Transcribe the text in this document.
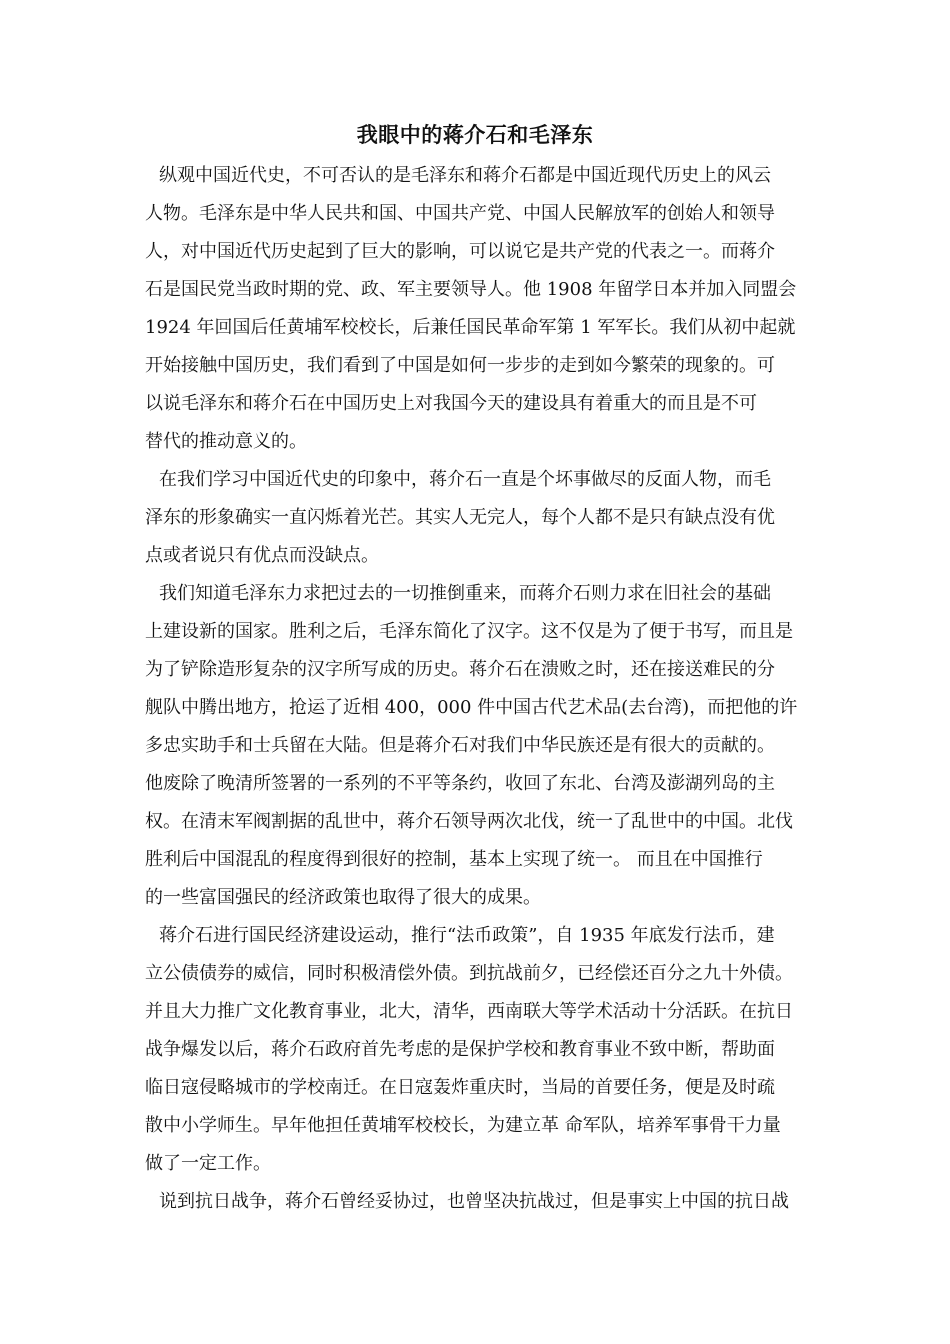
我眼中的蒋介石和毛泽东
纵观中国近代史，不可否认的是毛泽东和蒋介石都是中国近现代历史上的风云
人物。毛泽东是中华人民共和国、中国共产党、中国人民解放军的创始人和领导
人，对中国近代历史起到了巨大的影响，可以说它是共产党的代表之一。而蒋介
石是国民党当政时期的党、政、军主要领导人。他 1908 年留学日本并加入同盟会
1924 年回国后任黄埔军校校长，后兼任国民革命军第 1 军军长。我们从初中起就
开始接触中国历史，我们看到了中国是如何一步步的走到如今繁荣的现象的。可
以说毛泽东和蒋介石在中国历史上对我国今天的建设具有着重大的而且是不可
替代的推动意义的。
在我们学习中国近代史的印象中，蒋介石一直是个坏事做尽的反面人物，而毛
泽东的形象确实一直闪烁着光芒。其实人无完人，每个人都不是只有缺点没有优
点或者说只有优点而没缺点。
我们知道毛泽东力求把过去的一切推倒重来，而蒋介石则力求在旧社会的基础
上建设新的国家。胜利之后，毛泽东简化了汉字。这不仅是为了便于书写，而且是
为了铲除造形复杂的汉字所写成的历史。蒋介石在溃败之时，还在接送难民的分
舰队中腾出地方，抢运了近相 400，000 件中国古代艺术品(去台湾)，而把他的许
多忠实助手和士兵留在大陆。但是蒋介石对我们中华民族还是有很大的贡献的。
他废除了晚清所签署的一系列的不平等条约，收回了东北、台湾及澎湖列岛的主
权。在清末军阀割据的乱世中，蒋介石领导两次北伐，统一了乱世中的中国。北伐
胜利后中国混乱的程度得到很好的控制，基本上实现了统一。 而且在中国推行
的一些富国强民的经济政策也取得了很大的成果。
蒋介石进行国民经济建设运动，推行“法币政策”，自 1935 年底发行法币，建
立公债债券的威信，同时积极清偿外债。到抗战前夕，已经偿还百分之九十外债。
并且大力推广文化教育事业，北大，清华，西南联大等学术活动十分活跃。在抗日
战争爆发以后，蒋介石政府首先考虑的是保护学校和教育事业不致中断，帮助面
临日寇侵略城市的学校南迁。在日寇轰炸重庆时，当局的首要任务，便是及时疏
散中小学师生。早年他担任黄埔军校校长，为建立革 命军队，培养军事骨干力量
做了一定工作。
说到抗日战争，蒋介石曾经妥协过，也曾坚决抗战过，但是事实上中国的抗日战
